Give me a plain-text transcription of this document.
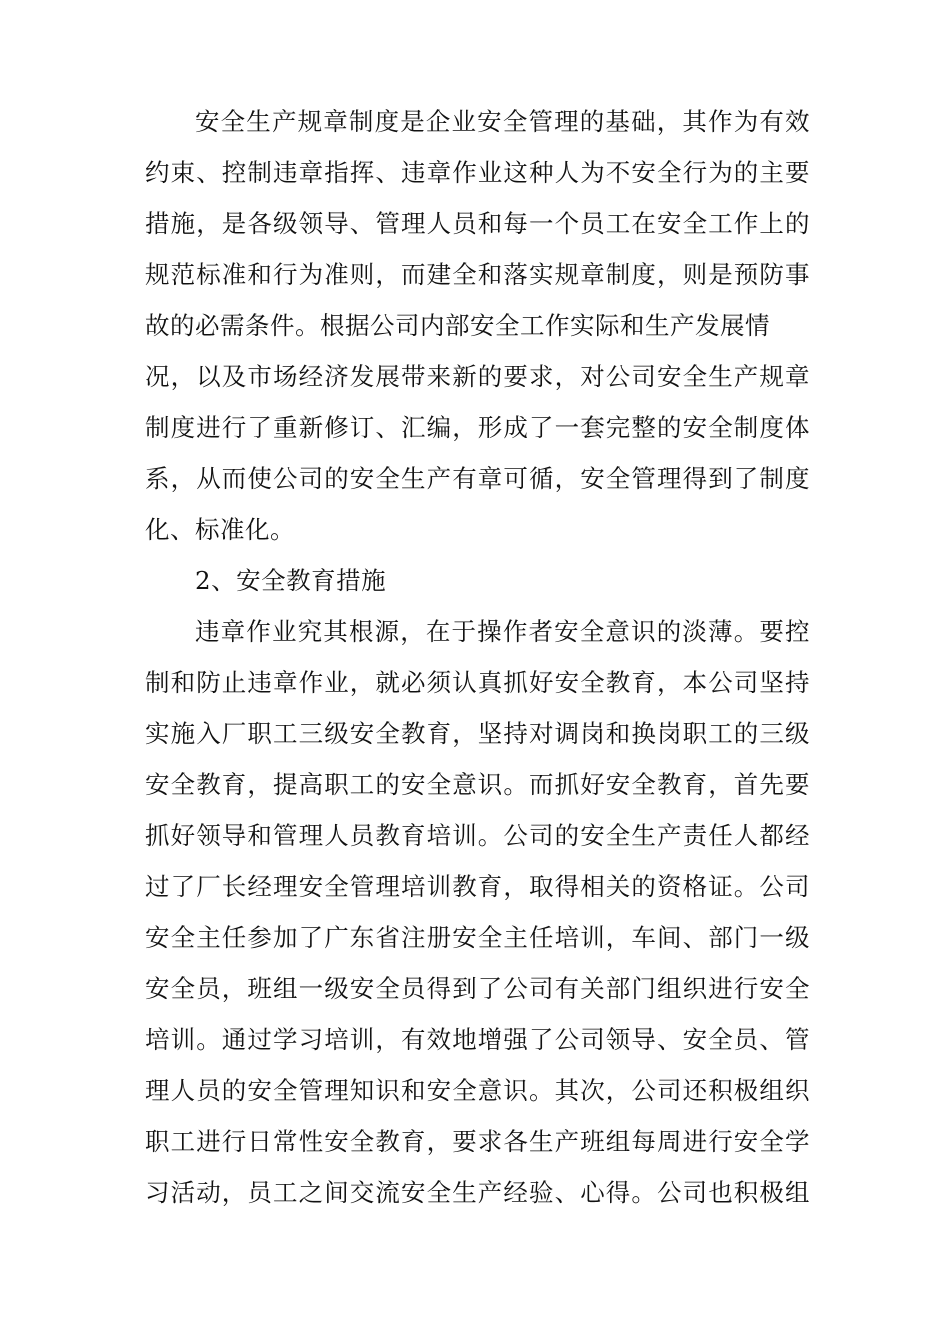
安全生产规章制度是企业安全管理的基础，其作为有效
约束、控制违章指挥、违章作业这种人为不安全行为的主要
措施，是各级领导、管理人员和每一个员工在安全工作上的
规范标准和行为准则，而建全和落实规章制度，则是预防事
故的必需条件。根据公司内部安全工作实际和生产发展情
况，以及市场经济发展带来新的要求，对公司安全生产规章
制度进行了重新修订、汇编，形成了一套完整的安全制度体
系，从而使公司的安全生产有章可循，安全管理得到了制度
化、标准化。
2、安全教育措施
违章作业究其根源，在于操作者安全意识的淡薄。要控
制和防止违章作业，就必须认真抓好安全教育，本公司坚持
实施入厂职工三级安全教育，坚持对调岗和换岗职工的三级
安全教育，提高职工的安全意识。而抓好安全教育，首先要
抓好领导和管理人员教育培训。公司的安全生产责任人都经
过了厂长经理安全管理培训教育，取得相关的资格证。公司
安全主任参加了广东省注册安全主任培训，车间、部门一级
安全员，班组一级安全员得到了公司有关部门组织进行安全
培训。通过学习培训，有效地增强了公司领导、安全员、管
理人员的安全管理知识和安全意识。其次，公司还积极组织
职工进行日常性安全教育，要求各生产班组每周进行安全学
习活动，员工之间交流安全生产经验、心得。公司也积极组
